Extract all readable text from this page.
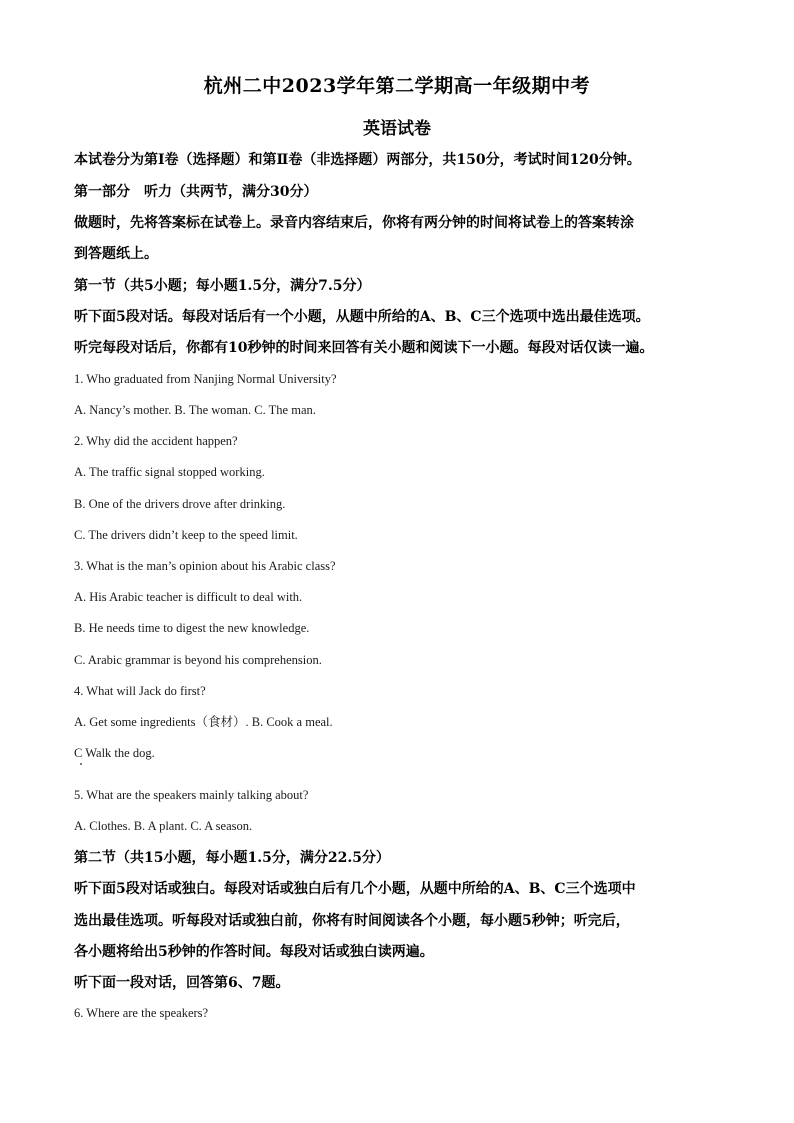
杭州二中2023学年第二学期高一年级期中考
英语试卷
本试卷分为第Ⅰ卷（选择题）和第Ⅱ卷（非选择题）两部分，共150分，考试时间120分钟。
第一部分　听力（共两节，满分30分）
做题时，先将答案标在试卷上。录音内容结束后，你将有两分钟的时间将试卷上的答案转涂
到答题纸上。
第一节（共5小题；每小题1.5分，满分7.5分）
听下面5段对话。每段对话后有一个小题，从题中所给的A、B、C三个选项中选出最佳选项。
听完每段对话后，你都有10秒钟的时间来回答有关小题和阅读下一小题。每段对话仅读一遍。
1. Who graduated from Nanjing Normal University?
A. Nancy’s mother. B. The woman. C. The man.
2. Why did the accident happen?
A. The traffic signal stopped working.
B. One of the drivers drove after drinking.
C. The drivers didn’t keep to the speed limit.
3. What is the man’s opinion about his Arabic class?
A. His Arabic teacher is difficult to deal with.
B. He needs time to digest the new knowledge.
C. Arabic grammar is beyond his comprehension.
4. What will Jack do first?
A. Get some ingredients（食材）. B. Cook a meal.
C Walk the dog.
5. What are the speakers mainly talking about?
A. Clothes. B. A plant. C. A season.
第二节（共15小题，每小题1.5分，满分22.5分）
听下面5段对话或独白。每段对话或独白后有几个小题，从题中所给的A、B、C三个选项中
选出最佳选项。听每段对话或独白前，你将有时间阅读各个小题，每小题5秒钟；听完后，
各小题将给出5秒钟的作答时间。每段对话或独白读两遍。
听下面一段对话，回答第6、7题。
6. Where are the speakers?
